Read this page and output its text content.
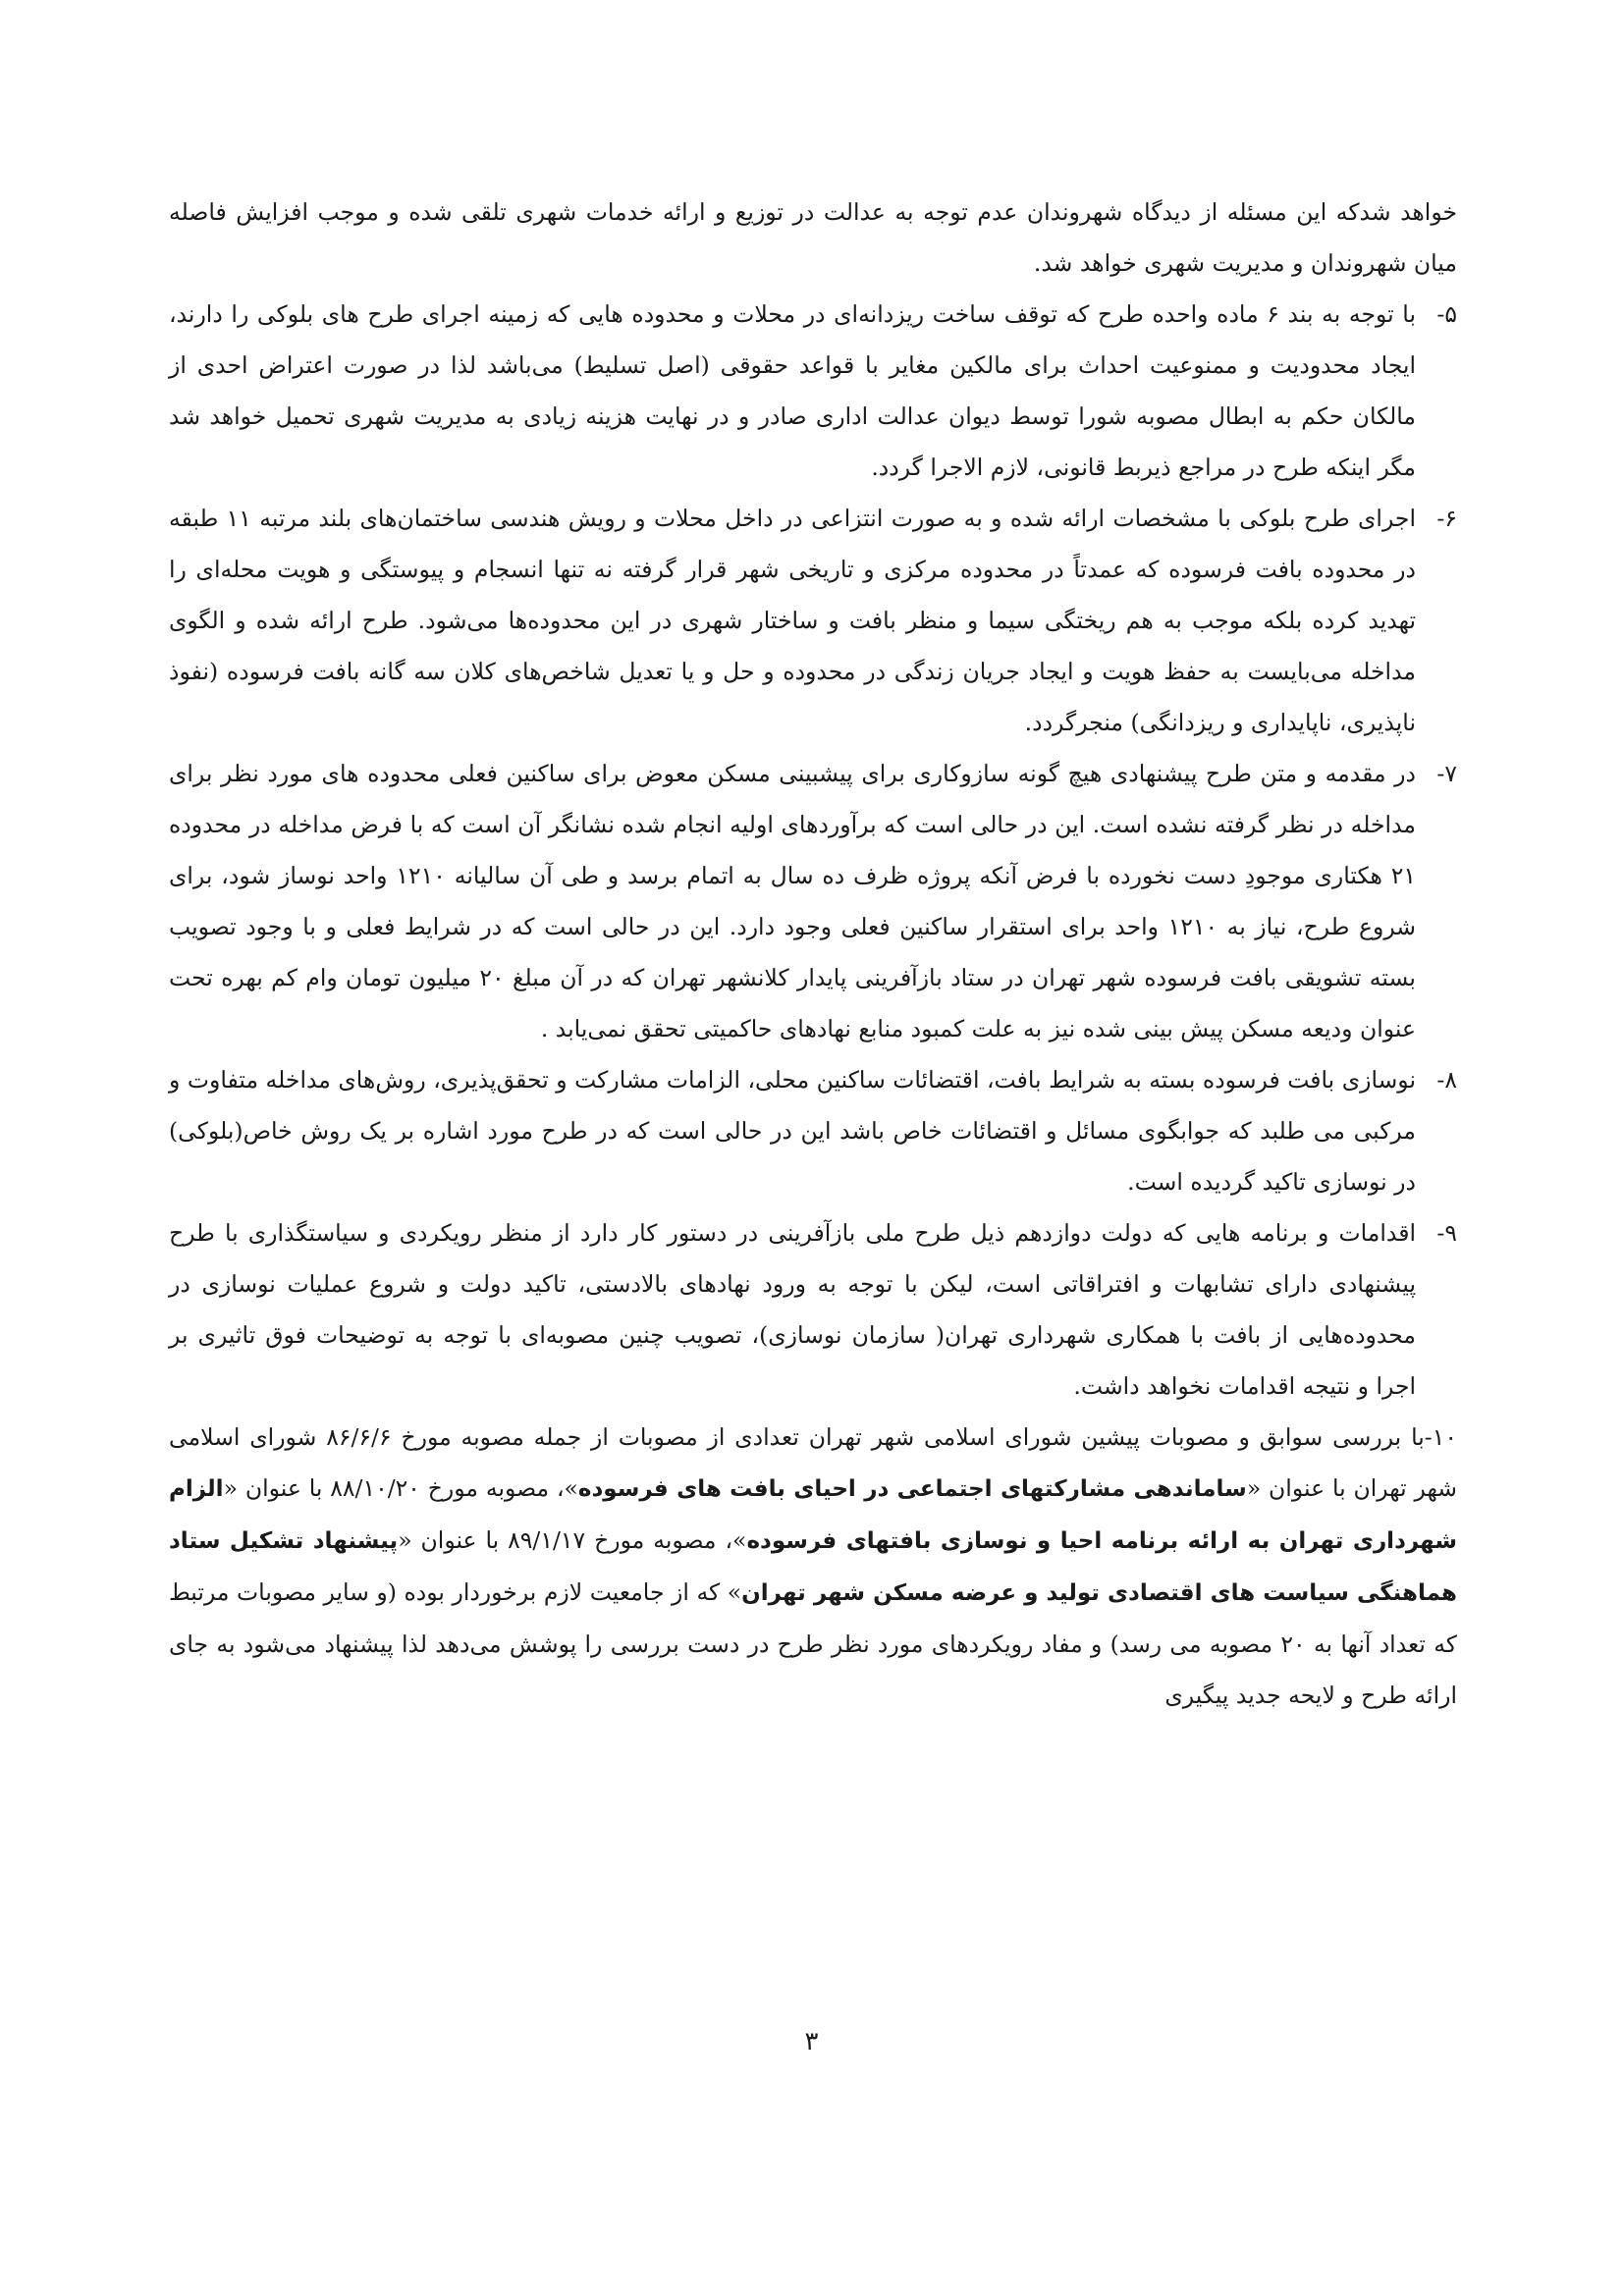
خواهد شدکه این مسئله از دیدگاه شهروندان عدم توجه به عدالت در توزیع و ارائه خدمات شهری تلقی شده و موجب افزایش فاصله میان شهروندان و مدیریت شهری خواهد شد.

۵-
با توجه به بند ۶ ماده واحده طرح که توقف ساخت ریزدانه‌ای در محلات و محدوده هایی که زمینه اجرای طرح های بلوکی را دارند، ایجاد محدودیت و ممنوعیت احداث برای مالکین مغایر با قواعد حقوقی (اصل تسلیط) می‌باشد لذا در صورت اعتراض احدی از مالکان حکم به ابطال مصوبه شورا توسط دیوان عدالت اداری صادر و در نهایت هزینه زیادی به مدیریت شهری تحمیل خواهد شد مگر اینکه طرح در مراجع ذیربط قانونی، لازم الاجرا گردد.
۶-
اجرای طرح بلوکی با مشخصات ارائه شده و به صورت انتزاعی در داخل محلات و رویش هندسی ساختمان‌های بلند مرتبه ۱۱ طبقه در محدوده بافت فرسوده که عمدتاً در محدوده مرکزی و تاریخی شهر قرار گرفته نه تنها انسجام و پیوستگی و هویت محله‌ای را تهدید کرده بلکه موجب به هم ریختگی سیما و منظر بافت و ساختار شهری در این محدوده‌ها می‌شود. طرح ارائه شده و الگوی مداخله می‌بایست به حفظ هویت و ایجاد جریان زندگی در محدوده و حل و یا تعدیل شاخص‌های کلان سه گانه بافت فرسوده (نفوذ ناپذیری، ناپایداری و ریزدانگی) منجرگردد.
۷-
در مقدمه و متن طرح پیشنهادی هیچ گونه سازوکاری برای پیشبینی مسکن معوض برای ساکنین فعلی محدوده های مورد نظر برای مداخله در نظر گرفته نشده است. این در حالی است که برآوردهای اولیه انجام شده نشانگر آن است که با فرض مداخله در محدوده ۲۱ هکتاری موجودِ دست نخورده با فرض آنکه پروژه ظرف ده سال به اتمام برسد و طی آن سالیانه ۱۲۱۰ واحد نوساز شود، برای شروع طرح، نیاز به ۱۲۱۰ واحد برای استقرار ساکنین فعلی وجود دارد. این در حالی است که در شرایط فعلی و با وجود تصویب بسته تشویقی بافت فرسوده شهر تهران در ستاد بازآفرینی پایدار کلانشهر تهران که در آن مبلغ ۲۰ میلیون تومان وام کم بهره تحت عنوان ودیعه مسکن پیش بینی شده نیز به علت کمبود منابع نهادهای حاکمیتی تحقق نمی‌یابد .
۸-
نوسازی بافت فرسوده بسته به شرایط بافت، اقتضائات ساکنین محلی، الزامات مشارکت و تحقق‌پذیری، روش‌های مداخله متفاوت و مرکبی می طلبد که جوابگوی مسائل و اقتضائات خاص باشد این در حالی است که در طرح مورد اشاره بر یک روش خاص(بلوکی) در نوسازی تاکید گردیده است.
۹-
اقدامات و برنامه هایی که دولت دوازدهم ذیل طرح ملی بازآفرینی در دستور کار دارد از منظر رویکردی و سیاستگذاری با طرح پیشنهادی دارای تشابهات و افتراقاتی است، لیکن با توجه به ورود نهادهای بالادستی، تاکید دولت و شروع عملیات نوسازی در محدوده‌هایی از بافت با همکاری شهرداری تهران( سازمان نوسازی)، تصویب چنین مصوبه‌ای با توجه به توضیحات فوق تاثیری بر اجرا و نتیجه اقدامات نخواهد داشت.

۱۰-با بررسی سوابق و مصوبات پیشین شورای اسلامی شهر تهران تعدادی از مصوبات از جمله مصوبه مورخ ۸۶/۶/۶ شورای اسلامی شهر تهران با عنوان «ساماندهی مشارکتهای اجتماعی در احیای بافت های فرسوده»، مصوبه مورخ ۸۸/۱۰/۲۰ با عنوان «الزام شهرداری تهران به ارائه برنامه احیا و نوسازی بافتهای فرسوده»، مصوبه مورخ ۸۹/۱/۱۷ با عنوان «پیشنهاد تشکیل ستاد هماهنگی سیاست های اقتصادی تولید و عرضه مسکن شهر تهران» که از جامعیت لازم برخوردار بوده (و سایر مصوبات مرتبط که تعداد آنها به ۲۰ مصوبه می رسد) و مفاد رویکردهای مورد نظر طرح در دست بررسی را پوشش می‌دهد لذا پیشنهاد می‌شود به جای ارائه طرح و لایحه جدید پیگیری

۳
